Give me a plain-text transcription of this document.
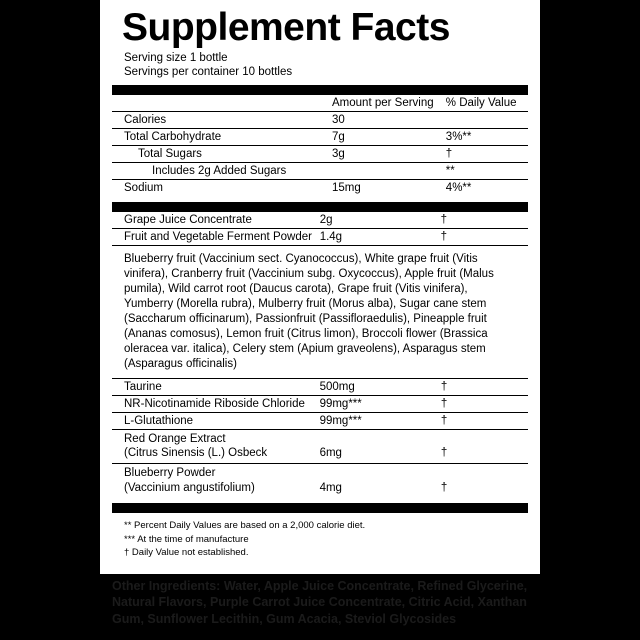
Supplement Facts
Serving size 1 bottle
Servings per container 10 bottles
	Amount per Serving	% Daily Value
Calories	30	
Total Carbohydrate	7g	3%**
Total Sugars	3g	†
Includes 2g Added Sugars		**
Sodium	15mg	4%**
Grape Juice Concentrate	2g	†
Fruit and Vegetable Ferment Powder	1.4g	†
Blueberry fruit (Vaccinium sect. Cyanococcus), White grape fruit (Vitis vinifera), Cranberry fruit (Vaccinium subg. Oxycoccus), Apple fruit (Malus pumila), Wild carrot root (Daucus carota), Grape fruit (Vitis vinifera), Yumberry (Morella rubra), Mulberry fruit (Morus alba), Sugar cane stem (Saccharum officinarum), Passionfruit (Passifloraedulis), Pineapple fruit (Ananas comosus), Lemon fruit (Citrus limon), Broccoli flower (Brassica oleracea var. italica), Celery stem (Apium graveolens), Asparagus stem (Asparagus officinalis)
Taurine	500mg	†
NR-Nicotinamide Riboside Chloride	99mg***	†
L-Glutathione	99mg***	†
Red Orange Extract
(Citrus Sinensis (L.) Osbeck	6mg	†
Blueberry Powder
(Vaccinium angustifolium)	4mg	†
** Percent Daily Values are based on a 2,000 calorie diet.
*** At the time of manufacture
† Daily Value not established.
Other Ingredients: Water, Apple Juice Concentrate, Refined Glycerine, Natural Flavors, Purple Carrot Juice Concentrate, Citric Acid, Xanthan Gum, Sunflower Lecithin, Gum Acacia, Steviol Glycosides
